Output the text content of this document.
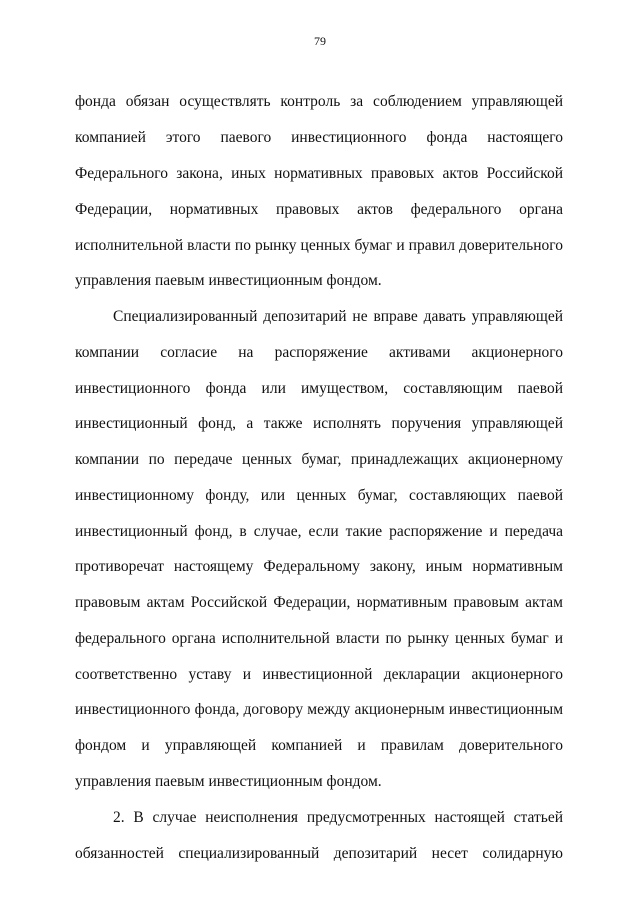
79
фонда обязан осуществлять контроль за соблюдением управляющей
компанией этого паевого инвестиционного фонда настоящего
Федерального закона, иных нормативных правовых актов Российской
Федерации, нормативных правовых актов федерального органа
исполнительной власти по рынку ценных бумаг и правил доверительного
управления паевым инвестиционным фондом.
Специализированный депозитарий не вправе давать управляющей
компании согласие на распоряжение активами акционерного
инвестиционного фонда или имуществом, составляющим паевой
инвестиционный фонд, а также исполнять поручения управляющей
компании по передаче ценных бумаг, принадлежащих акционерному
инвестиционному фонду, или ценных бумаг, составляющих паевой
инвестиционный фонд, в случае, если такие распоряжение и передача
противоречат настоящему Федеральному закону, иным нормативным
правовым актам Российской Федерации, нормативным правовым актам
федерального органа исполнительной власти по рынку ценных бумаг и
соответственно уставу и инвестиционной декларации акционерного
инвестиционного фонда, договору между акционерным инвестиционным
фондом и управляющей компанией и правилам доверительного
управления паевым инвестиционным фондом.
2. В случае неисполнения предусмотренных настоящей статьей
обязанностей специализированный депозитарий несет солидарную
